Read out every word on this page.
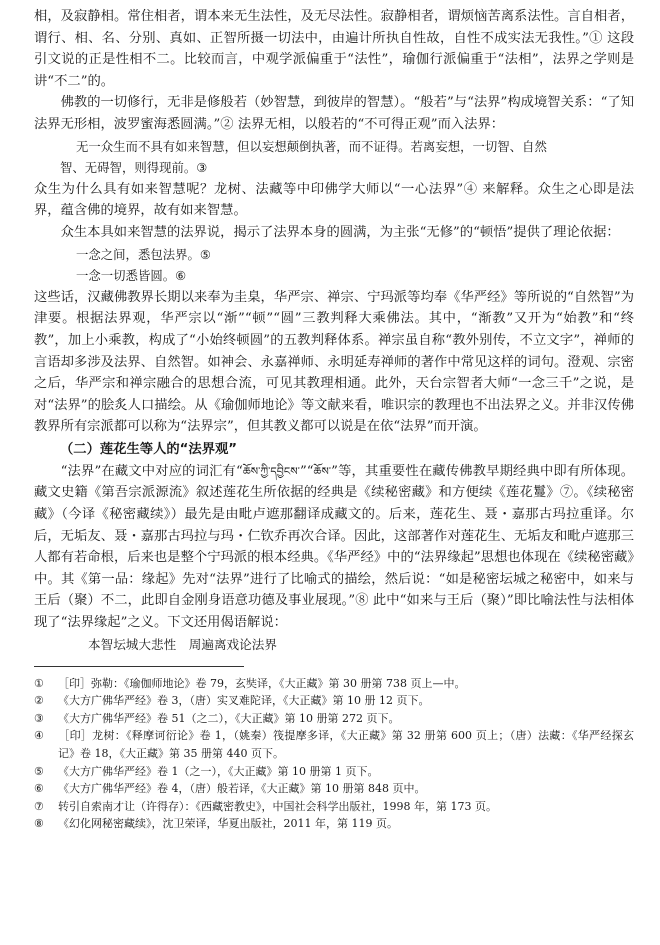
相，及寂静相。常住相者，谓本来无生法性，及无尽法性。寂静相者，谓烦恼苦离系法性。言自相者，谓行、相、名、分别、真如、正智所摄一切法中，由遍计所执自性故，自性不成实法无我性。”① 这段引文说的正是性相不二。比较而言，中观学派偏重于“法性”，瑜伽行派偏重于“法相”，法界之学则是讲“不二”的。

佛教的一切修行，无非是修般若（妙智慧，到彼岸的智慧）。“般若”与“法界”构成境智关系：“了知法界无形相，波罗蜜海悉圆满。”② 法界无相，以般若的“不可得正观”而入法界：

无一众生而不具有如来智慧，但以妄想颠倒执著，而不证得。若离妄想，一切智、自然

智、无碍智，则得现前。③

众生为什么具有如来智慧呢？龙树、法藏等中印佛学大师以“一心法界”④ 来解释。众生之心即是法界，蕴含佛的境界，故有如来智慧。

众生本具如来智慧的法界说，揭示了法界本身的圆满，为主张“无修”的“顿悟”提供了理论依据：

一念之间，悉包法界。⑤

一念一切悉皆圆。⑥

这些话，汉藏佛教界长期以来奉为圭臬，华严宗、禅宗、宁玛派等均奉《华严经》等所说的“自然智”为津要。根据法界观，华严宗以“渐”“顿”“圆”三教判释大乘佛法。其中，“渐教”又开为“始教”和“终教”，加上小乘教，构成了“小始终顿圆”的五教判释体系。禅宗虽自称“教外别传，不立文字”，禅师的言语却多涉及法界、自然智。如神会、永嘉禅师、永明延寿禅师的著作中常见这样的词句。澄观、宗密之后，华严宗和禅宗融合的思想合流，可见其教理相通。此外，天台宗智者大师“一念三千”之说，是对“法界”的脍炙人口描绘。从《瑜伽师地论》等文献来看，唯识宗的教理也不出法界之义。并非汉传佛教界所有宗派都可以称为“法界宗”，但其教义都可以说是在依“法界”而开演。

（二）莲花生等人的“法界观”

“法界”在藏文中对应的词汇有“ཆོས་ཀྱི་དབྱིངས་”“ཆོས་”等，其重要性在藏传佛教早期经典中即有所体现。藏文史籍《第吾宗派源流》叙述莲花生所依据的经典是《续秘密藏》和方便续《莲花鬘》⑦。《续秘密藏》（今译《秘密藏续》）最先是由毗卢遮那翻译成藏文的。后来，莲花生、聂・嘉那古玛拉重译。尔后，无垢友、聂・嘉那古玛拉与玛・仁钦乔再次合译。因此，这部著作对莲花生、无垢友和毗卢遮那三人都有若命根，后来也是整个宁玛派的根本经典。《华严经》中的“法界缘起”思想也体现在《续秘密藏》中。其《第一品：缘起》先对“法界”进行了比喻式的描绘，然后说：“如是秘密坛城之秘密中，如来与王后（聚）不二，此即自金刚身语意功德及事业展现。”⑧ 此中“如来与王后（聚）”即比喻法性与法相体现了“法界缘起”之义。下文还用偈语解说：

本智坛城大悲性　周遍离戏论法界

① ［印］弥勒：《瑜伽师地论》卷 79，玄奘译，《大正藏》第 30 册第 738 页上—中。

② 《大方广佛华严经》卷 3，（唐）实叉难陀译，《大正藏》第 10 册 12 页下。

③ 《大方广佛华严经》卷 51（之二），《大正藏》第 10 册第 272 页下。

④ ［印］龙树：《释摩诃衍论》卷 1，（姚秦）筏提摩多译，《大正藏》第 32 册第 600 页上；（唐）法藏：《华严经探玄记》卷 18，《大正藏》第 35 册第 440 页下。

⑤ 《大方广佛华严经》卷 1（之一），《大正藏》第 10 册第 1 页下。

⑥ 《大方广佛华严经》卷 4，（唐）般若译，《大正藏》第 10 册第 848 页中。

⑦ 转引自索南才让（许得存）：《西藏密教史》，中国社会科学出版社，1998 年，第 173 页。

⑧ 《幻化网秘密藏续》，沈卫荣译，华夏出版社，2011 年，第 119 页。
